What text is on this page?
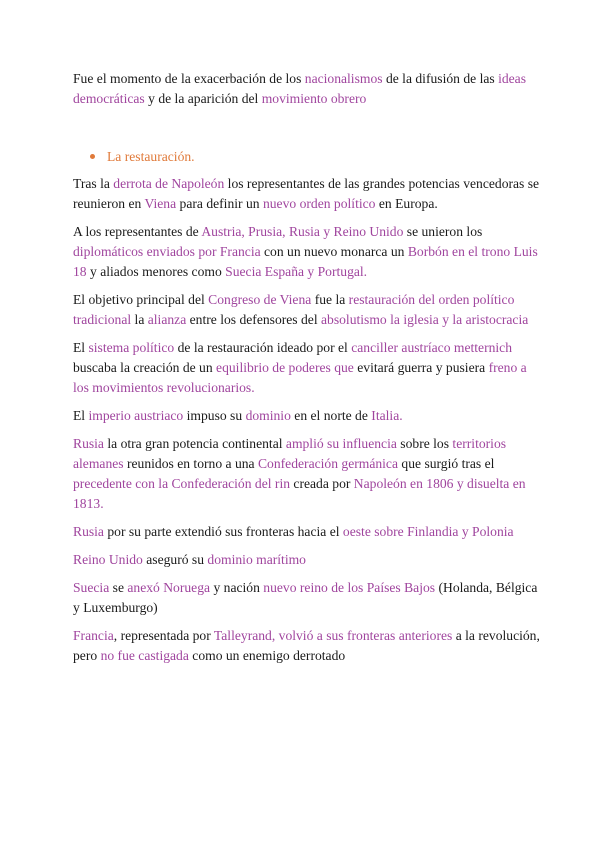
Fue el momento de la exacerbación de los nacionalismos de la difusión de las ideas democráticas y de la aparición del movimiento obrero

La restauración.

Tras la derrota de Napoleón los representantes de las grandes potencias vencedoras se reunieron en Viena para definir un nuevo orden político en Europa.

A los representantes de Austria, Prusia, Rusia y Reino Unido se unieron los diplomáticos enviados por Francia con un nuevo monarca un Borbón en el trono Luis 18 y aliados menores como Suecia España y Portugal.

El objetivo principal del Congreso de Viena fue la restauración del orden político tradicional la alianza entre los defensores del absolutismo la iglesia y la aristocracia

El sistema político de la restauración ideado por el canciller austríaco metternich buscaba la creación de un equilibrio de poderes que evitará guerra y pusiera freno a los movimientos revolucionarios.

El imperio austriaco impuso su dominio en el norte de Italia.

Rusia la otra gran potencia continental amplió su influencia sobre los territorios alemanes reunidos en torno a una Confederación germánica que surgió tras el precedente con la Confederación del rin creada por Napoleón en 1806 y disuelta en 1813.

Rusia por su parte extendió sus fronteras hacia el oeste sobre Finlandia y Polonia

Reino Unido aseguró su dominio marítimo

Suecia se anexó Noruega y nación nuevo reino de los Países Bajos (Holanda, Bélgica y Luxemburgo)

Francia, representada por Talleyrand, volvió a sus fronteras anteriores a la revolución, pero no fue castigada como un enemigo derrotado
